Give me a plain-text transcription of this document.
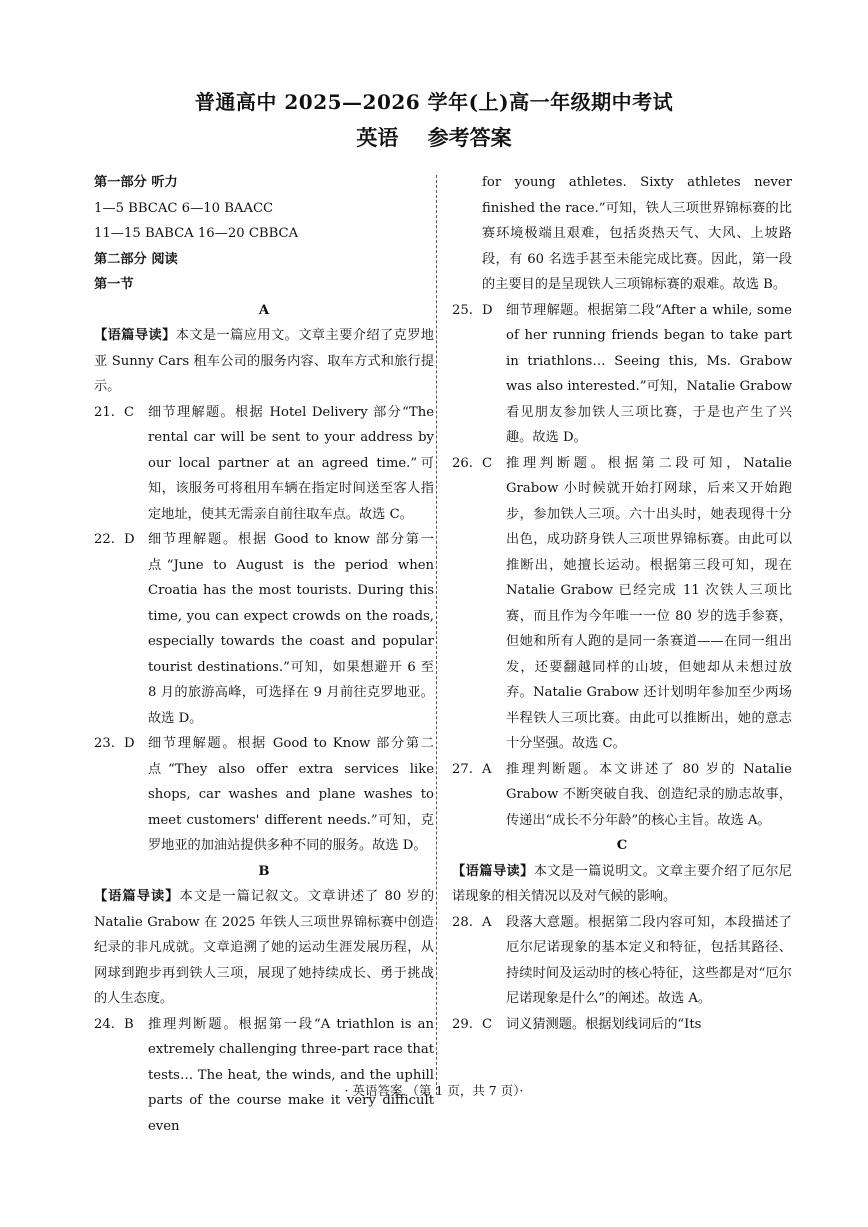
普通高中 2025—2026 学年(上)高一年级期中考试
英语 参考答案

第一部分 听力

1—5 BBCAC 6—10 BAACC

11—15 BABCA 16—20 CBBCA

第二部分 阅读

第一节

A

【语篇导读】本文是一篇应用文。文章主要介绍了克罗地亚 Sunny Cars 租车公司的服务内容、取车方式和旅行提示。

21. C	细节理解题。根据 Hotel Delivery 部分“The rental car will be sent to your address by our local partner at an agreed time.”可知，该服务可将租用车辆在指定时间送至客人指定地址，使其无需亲自前往取车点。故选 C。
22. D	细节理解题。根据 Good to know 部分第一点“June to August is the period when Croatia has the most tourists. During this time, you can expect crowds on the roads, especially towards the coast and popular tourist destinations.”可知，如果想避开 6 至 8 月的旅游高峰，可选择在 9 月前往克罗地亚。故选 D。
23. D	细节理解题。根据 Good to Know 部分第二点“They also offer extra services like shops, car washes and plane washes to meet customers' different needs.”可知，克罗地亚的加油站提供多种不同的服务。故选 D。

B

【语篇导读】本文是一篇记叙文。文章讲述了 80 岁的 Natalie Grabow 在 2025 年铁人三项世界锦标赛中创造纪录的非凡成就。文章追溯了她的运动生涯发展历程，从网球到跑步再到铁人三项，展现了她持续成长、勇于挑战的人生态度。

24. B	推理判断题。根据第一段“A triathlon is an extremely challenging three-part race that tests… The heat, the winds, and the uphill parts of the course make it very difficult even

for young athletes. Sixty athletes never finished the race.”可知，铁人三项世界锦标赛的比赛环境极端且艰难，包括炎热天气、大风、上坡路段，有 60 名选手甚至未能完成比赛。因此，第一段的主要目的是呈现铁人三项锦标赛的艰难。故选 B。

25. D	细节理解题。根据第二段“After a while, some of her running friends began to take part in triathlons… Seeing this, Ms. Grabow was also interested.”可知，Natalie Grabow 看见朋友参加铁人三项比赛，于是也产生了兴趣。故选 D。
26. C	推理判断题。根据第二段可知，Natalie Grabow 小时候就开始打网球，后来又开始跑步，参加铁人三项。六十出头时，她表现得十分出色，成功跻身铁人三项世界锦标赛。由此可以推断出，她擅长运动。根据第三段可知，现在 Natalie Grabow 已经完成 11 次铁人三项比赛，而且作为今年唯一一位 80 岁的选手参赛，但她和所有人跑的是同一条赛道——在同一组出发，还要翻越同样的山坡，但她却从未想过放弃。Natalie Grabow 还计划明年参加至少两场半程铁人三项比赛。由此可以推断出，她的意志十分坚强。故选 C。
27. A	推理判断题。本文讲述了 80 岁的 Natalie Grabow 不断突破自我、创造纪录的励志故事，传递出“成长不分年龄”的核心主旨。故选 A。

C

【语篇导读】本文是一篇说明文。文章主要介绍了厄尔尼诺现象的相关情况以及对气候的影响。

28. A	段落大意题。根据第二段内容可知，本段描述了厄尔尼诺现象的基本定义和特征，包括其路径、持续时间及运动时的核心特征，这些都是对“厄尔尼诺现象是什么”的阐述。故选 A。
29. C	词义猜测题。根据划线词后的“Its
· 英语答案 （第 1 页，共 7 页）·
